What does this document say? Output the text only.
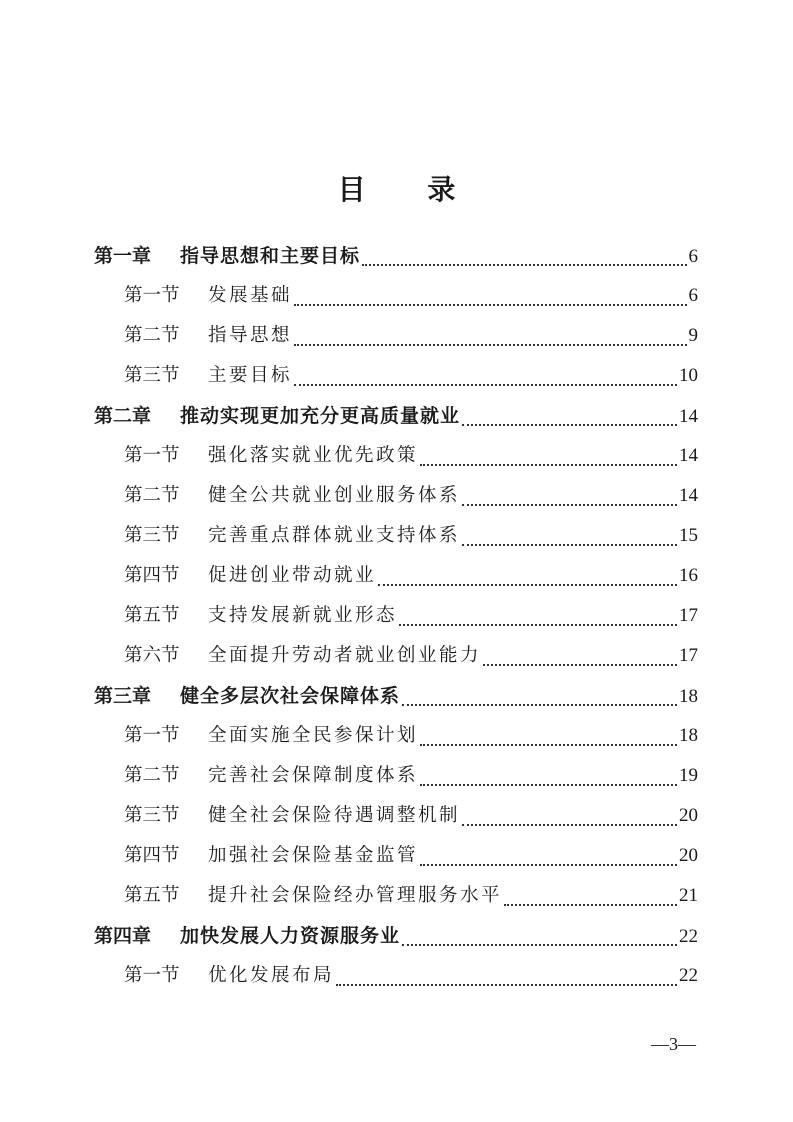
目 录
第一章	指导思想和主要目标	6
第一节	发展基础	6
第二节	指导思想	9
第三节	主要目标	10
第二章	推动实现更加充分更高质量就业	14
第一节	强化落实就业优先政策	14
第二节	健全公共就业创业服务体系	14
第三节	完善重点群体就业支持体系	15
第四节	促进创业带动就业	16
第五节	支持发展新就业形态	17
第六节	全面提升劳动者就业创业能力	17
第三章	健全多层次社会保障体系	18
第一节	全面实施全民参保计划	18
第二节	完善社会保障制度体系	19
第三节	健全社会保险待遇调整机制	20
第四节	加强社会保险基金监管	20
第五节	提升社会保险经办管理服务水平	21
第四章	加快发展人力资源服务业	22
第一节	优化发展布局	22
—3—
